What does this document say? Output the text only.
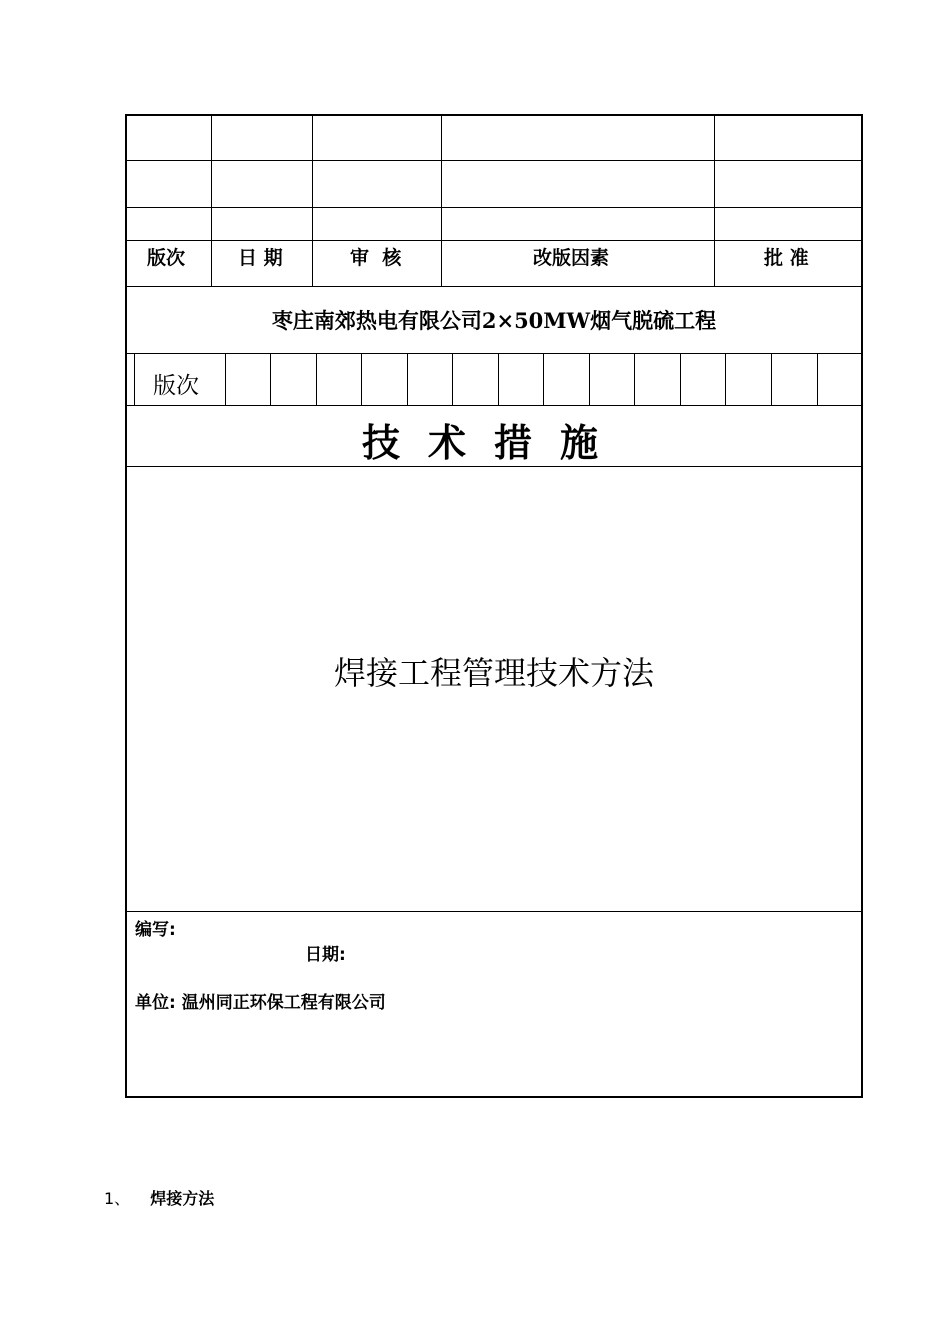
版次	日 期	审  核	改版因素	批 准
枣庄南郊热电有限公司2×50MW烟气脱硫工程
版次
技术措施
焊接工程管理技术方法
编写:
日期:
单位: 温州同正环保工程有限公司
1、 焊接方法
